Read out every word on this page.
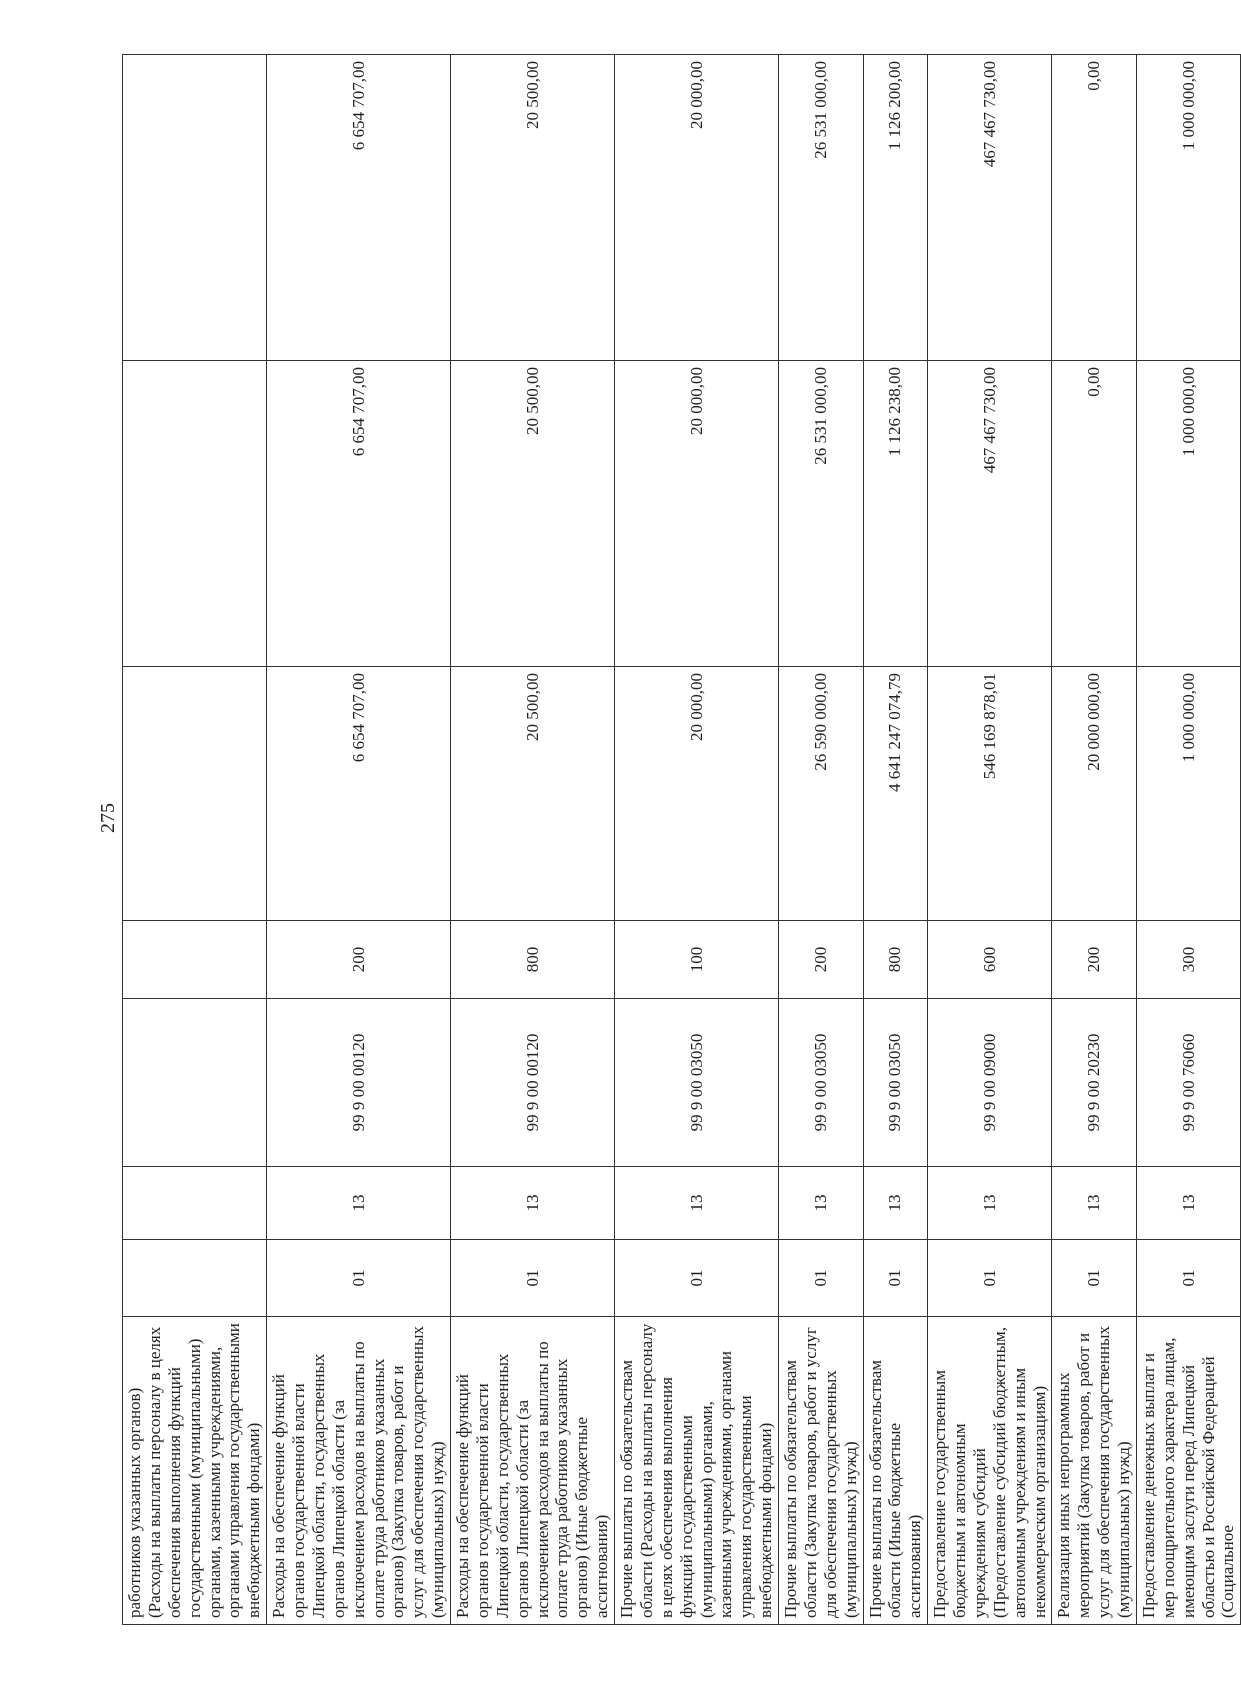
275
работников указанных органов) (Расходы на выплаты персоналу в целях обеспечения выполнения функций государственными (муниципальными) органами, казенными учреждениями, органами управления государственными внебюджетными фондами)							
Расходы на обеспечение функций органов государственной власти Липецкой области, государственных органов Липецкой области (за исключением расходов на выплаты по оплате труда работников указанных органов) (Закупка товаров, работ и услуг для обеспечения государственных (муниципальных) нужд)	01	13	99 9 00 00120	200	6 654 707,00	6 654 707,00	6 654 707,00
Расходы на обеспечение функций органов государственной власти Липецкой области, государственных органов Липецкой области (за исключением расходов на выплаты по оплате труда работников указанных органов) (Иные бюджетные ассигнования)	01	13	99 9 00 00120	800	20 500,00	20 500,00	20 500,00
Прочие выплаты по обязательствам области (Расходы на выплаты персоналу в целях обеспечения выполнения функций государственными (муниципальными) органами, казенными учреждениями, органами управления государственными внебюджетными фондами)	01	13	99 9 00 03050	100	20 000,00	20 000,00	20 000,00
Прочие выплаты по обязательствам области (Закупка товаров, работ и услуг для обеспечения государственных (муниципальных) нужд)	01	13	99 9 00 03050	200	26 590 000,00	26 531 000,00	26 531 000,00
Прочие выплаты по обязательствам области (Иные бюджетные ассигнования)	01	13	99 9 00 03050	800	4 641 247 074,79	1 126 238,00	1 126 200,00
Предоставление государственным бюджетным и автономным учреждениям субсидий (Предоставление субсидий бюджетным, автономным учреждениям и иным некоммерческим организациям)	01	13	99 9 00 09000	600	546 169 878,01	467 467 730,00	467 467 730,00
Реализация иных непрограммных мероприятий (Закупка товаров, работ и услуг для обеспечения государственных (муниципальных) нужд)	01	13	99 9 00 20230	200	20 000 000,00	0,00	0,00
Предоставление денежных выплат и мер поощрительного характера лицам, имеющим заслуги перед Липецкой областью и Российской Федерацией (Социальное	01	13	99 9 00 76060	300	1 000 000,00	1 000 000,00	1 000 000,00
